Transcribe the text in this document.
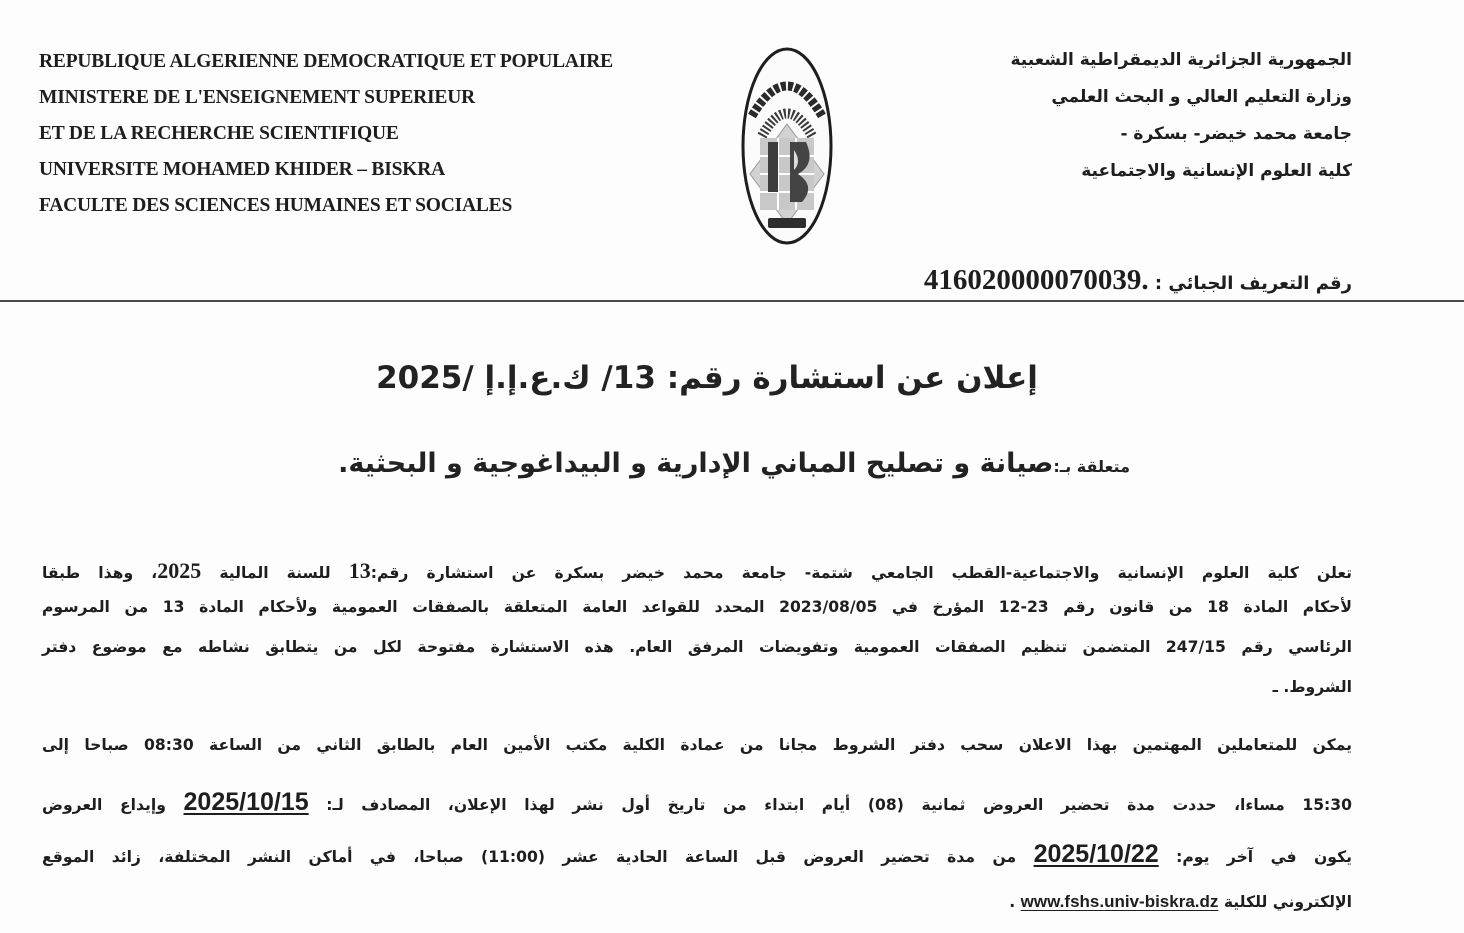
REPUBLIQUE ALGERIENNE DEMOCRATIQUE ET POPULAIRE
MINISTERE DE L'ENSEIGNEMENT SUPERIEUR
ET DE LA RECHERCHE SCIENTIFIQUE
UNIVERSITE MOHAMED KHIDER – BISKRA
FACULTE DES SCIENCES HUMAINES ET SOCIALES
الجمهورية الجزائرية الديمقراطية الشعبية
وزارة التعليم العالي و البحث العلمي
جامعة محمد خيضر- بسكرة -
كلية العلوم الإنسانية والاجتماعية
رقم التعريف الجبائي : 416020000070039.
إعلان عن استشارة رقم: 13/ ك.ع.إ.إ /2025
متعلقة بـ:صيانة و تصليح المباني الإدارية و البيداغوجية و البحثية.
تعلن كلية العلوم الإنسانية والاجتماعية-القطب الجامعي شتمة- جامعة محمد خيضر بسكرة عن استشارة رقم:13 للسنة المالية 2025، وهذا طبقا
لأحكام المادة 18 من قانون رقم 23-12 المؤرخ في 2023/08/05 المحدد للقواعد العامة المتعلقة بالصفقات العمومية ولأحكام المادة 13 من المرسوم
الرئاسي رقم 247/15 المتضمن تنظيم الصفقات العمومية وتفويضات المرفق العام. هذه الاستشارة مفتوحة لكل من يتطابق نشاطه مع موضوع دفتر
الشروط. ـ
يمكن للمتعاملين المهتمين بهذا الاعلان سحب دفتر الشروط مجانا من عمادة الكلية مكتب الأمين العام بالطابق الثاني من الساعة 08:30 صباحا إلى
15:30 مساءا، حددت مدة تحضير العروض ثمانية (08) أيام ابتداء من تاريخ أول نشر لهذا الإعلان، المصادف لـ: 2025/10/15 وإيداع العروض
يكون في آخر يوم: 2025/10/22 من مدة تحضير العروض قبل الساعة الحادية عشر (11:00) صباحا، في أماكن النشر المختلفة، زائد الموقع
الإلكتروني للكلية www.fshs.univ-biskra.dz .
